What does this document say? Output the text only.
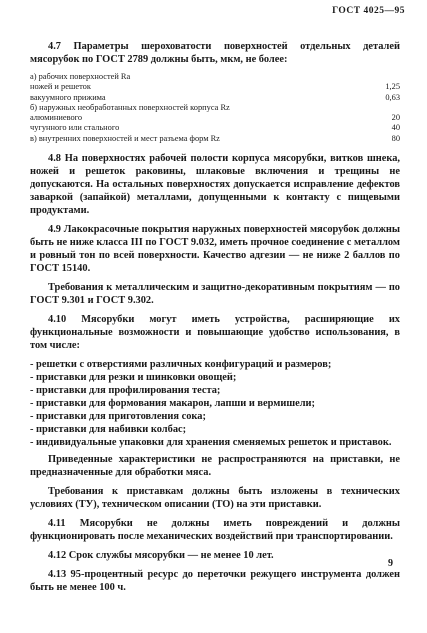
ГОСТ 4025—95

4.7 Параметры шероховатости поверхностей отдельных деталей мясорубок по ГОСТ 2789 должны быть, мкм, не более:

а) рабочих поверхностей Ra	
ножей и решеток	1,25
вакуумного прижима	0,63
б) наружных необработанных поверхностей корпуса Rz	
алюминиевого	20
чугунного или стального	40
в) внутренних поверхностей и мест разъема форм Rz	80

4.8 На поверхностях рабочей полости корпуса мясорубки, витков шнека, ножей и решеток раковины, шлаковые включения и трещины не допускаются. На остальных поверхностях допускается исправление дефектов заваркой (запайкой) металлами, допущенными к контакту с пищевыми продуктами.

4.9 Лакокрасочные покрытия наружных поверхностей мясорубок должны быть не ниже класса III по ГОСТ 9.032, иметь прочное соединение с металлом и ровный тон по всей поверхности. Качество адгезии — не ниже 2 баллов по ГОСТ 15140.

Требования к металлическим и защитно-декоративным покрытиям — по ГОСТ 9.301 и ГОСТ 9.302.

4.10 Мясорубки могут иметь устройства, расширяющие их функциональные возможности и повышающие удобство использования, в том числе:

- решетки с отверстиями различных конфигураций и размеров;
- приставки для резки и шинковки овощей;
- приставки для профилирования теста;
- приставки для формования макарон, лапши и вермишели;
- приставки для приготовления сока;
- приставки для набивки колбас;
- индивидуальные упаковки для хранения сменяемых решеток и приставок.

Приведенные характеристики не распространяются на приставки, не предназначенные для обработки мяса.

Требования к приставкам должны быть изложены в технических условиях (ТУ), техническом описании (ТО) на эти приставки.

4.11 Мясорубки не должны иметь повреждений и должны функционировать после механических воздействий при транспортировании.

4.12 Срок службы мясорубки — не менее 10 лет.

4.13 95-процентный ресурс до переточки режущего инструмента должен быть не менее 100 ч.

9
